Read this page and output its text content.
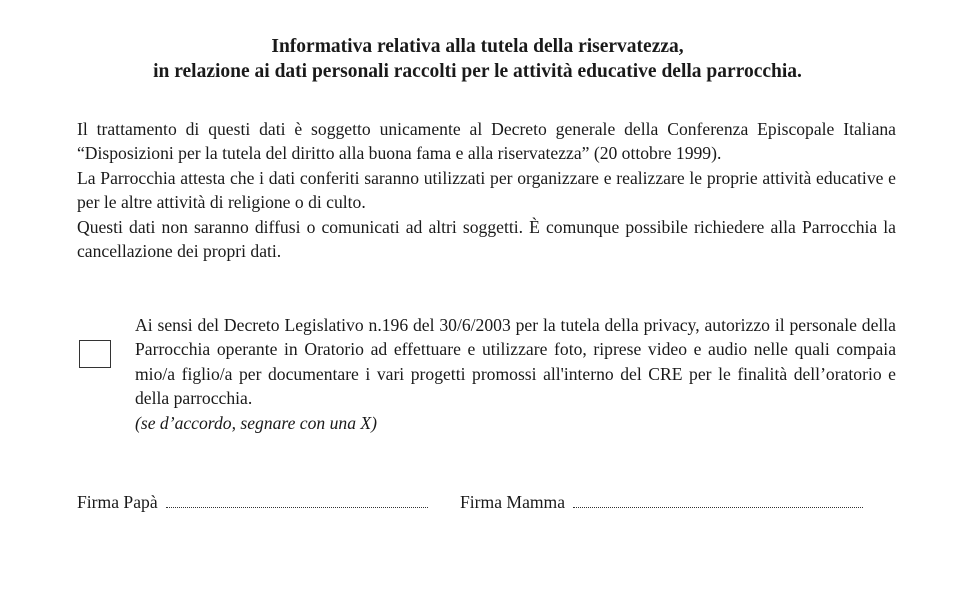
Informativa relativa alla tutela della riservatezza,
in relazione ai dati personali raccolti per le attività educative della parrocchia.

Il trattamento di questi dati è soggetto unicamente al Decreto generale della Conferenza Episcopale Italiana “Disposizioni per la tutela del diritto alla buona fama e alla riservatezza” (20 ottobre 1999).

La Parrocchia attesta che i dati conferiti saranno utilizzati per organizzare e realizzare le proprie attività educative e per le altre attività di religione o di culto.

Questi dati non saranno diffusi o comunicati ad altri soggetti. È comunque possibile richiedere alla Parrocchia la cancellazione dei propri dati.

Ai sensi del Decreto Legislativo n.196 del 30/6/2003 per la tutela della privacy, autorizzo il personale della Parrocchia operante in Oratorio ad effettuare e utilizzare foto, riprese video e audio nelle quali compaia mio/a figlio/a per documentare i vari progetti promossi all'interno del CRE per le finalità dell’oratorio e della parrocchia.
(se d’accordo, segnare con una X)
Firma Papà	Firma Mamma
